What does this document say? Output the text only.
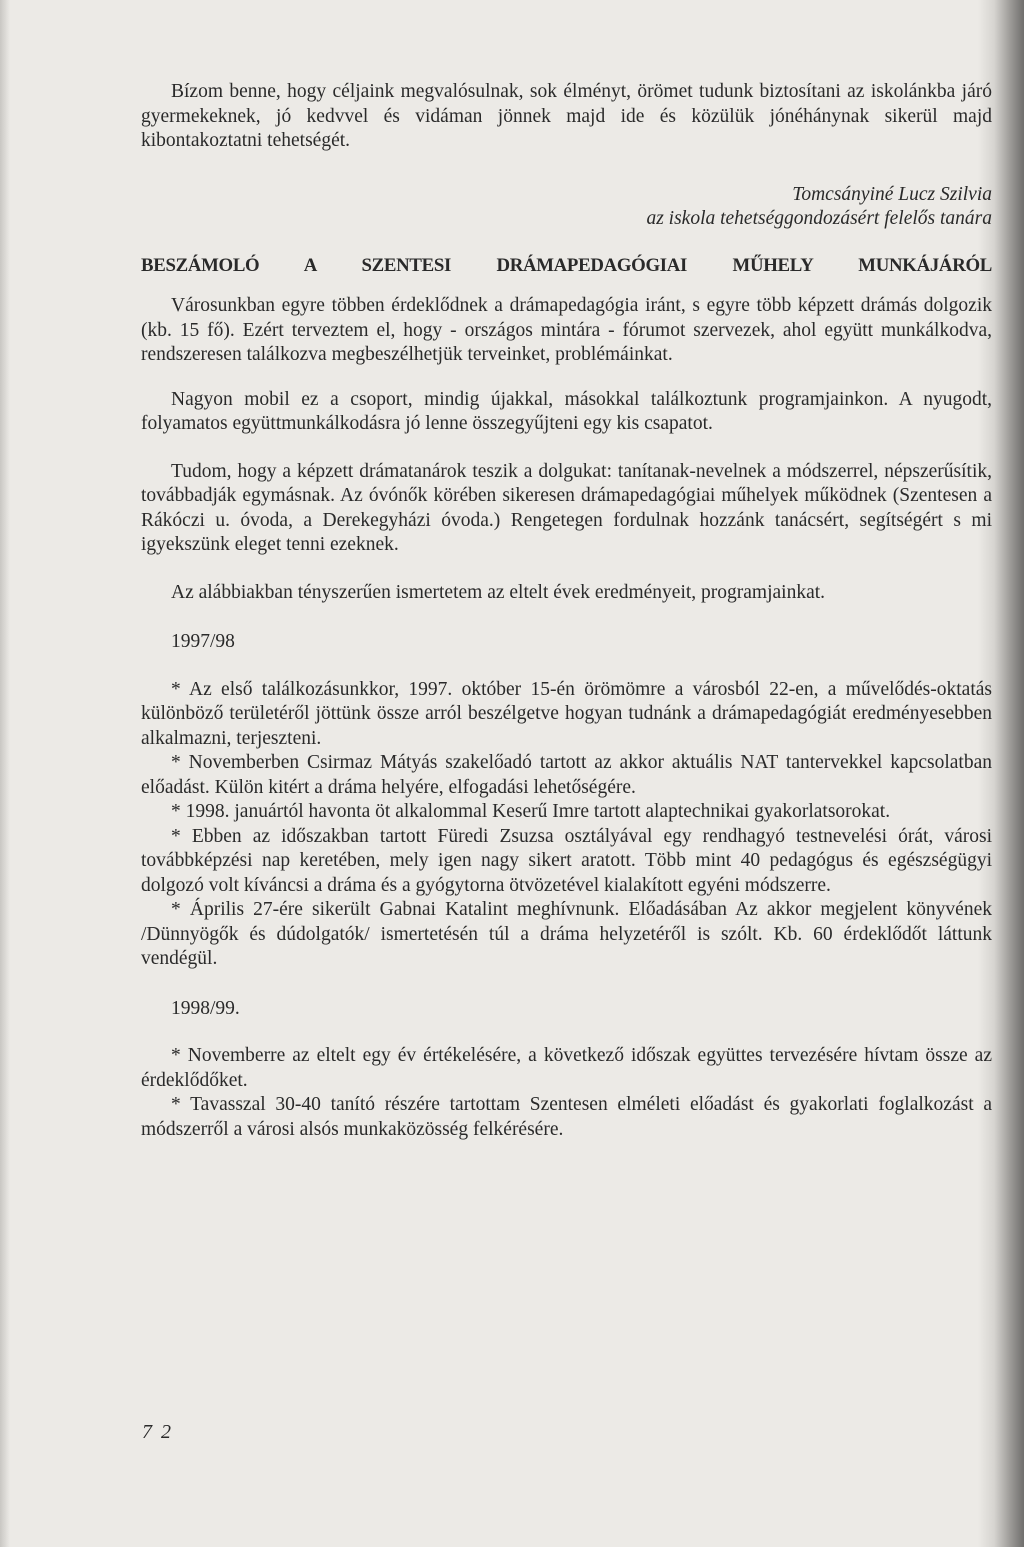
Bízom benne, hogy céljaink megvalósulnak, sok élményt, örömet tudunk biztosítani az iskolánkba járó gyermekeknek, jó kedvvel és vidáman jönnek majd ide és közülük jónéhánynak sikerül majd kibontakoztatni tehetségét.

Tomcsányiné Lucz Szilvia
az iskola tehetséggondozásért felelős tanára
BESZÁMOLÓ A SZENTESI DRÁMAPEDAGÓGIAI MŰHELY MUNKÁJÁRÓL

Városunkban egyre többen érdeklődnek a drámapedagógia iránt, s egyre több képzett drámás dolgozik (kb. 15 fő). Ezért terveztem el, hogy - országos mintára - fórumot szervezek, ahol együtt munkálkodva, rendszeresen találkozva megbeszélhetjük terveinket, problémáinkat.

Nagyon mobil ez a csoport, mindig újakkal, másokkal találkoztunk programjainkon. A nyugodt, folyamatos együttmunkálkodásra jó lenne összegyűjteni egy kis csapatot.

Tudom, hogy a képzett drámatanárok teszik a dolgukat: tanítanak-nevelnek a módszerrel, népszerűsítik, továbbadják egymásnak. Az óvónők körében sikeresen drámapedagógiai műhelyek működnek (Szentesen a Rákóczi u. óvoda, a Derekegyházi óvoda.) Rengetegen fordulnak hozzánk tanácsért, segítségért s mi igyekszünk eleget tenni ezeknek.

Az alábbiakban tényszerűen ismertetem az eltelt évek eredményeit, programjainkat.

1997/98

* Az első találkozásunkkor, 1997. október 15-én örömömre a városból 22-en, a művelődés-oktatás különböző területéről jöttünk össze arról beszélgetve hogyan tudnánk a drámapedagógiát eredményesebben alkalmazni, terjeszteni.

* Novemberben Csirmaz Mátyás szakelőadó tartott az akkor aktuális NAT tantervekkel kapcsolatban előadást. Külön kitért a dráma helyére, elfogadási lehetőségére.

* 1998. januártól havonta öt alkalommal Keserű Imre tartott alaptechnikai gyakorlatsorokat.

* Ebben az időszakban tartott Füredi Zsuzsa osztályával egy rendhagyó testnevelési órát, városi továbbképzési nap keretében, mely igen nagy sikert aratott. Több mint 40 pedagógus és egészségügyi dolgozó volt kíváncsi a dráma és a gyógytorna ötvözetével kialakított egyéni módszerre.

* Április 27-ére sikerült Gabnai Katalint meghívnunk. Előadásában Az akkor megjelent könyvének /Dünnyögők és dúdolgatók/ ismertetésén túl a dráma helyzetéről is szólt. Kb. 60 érdeklődőt láttunk vendégül.

1998/99.

* Novemberre az eltelt egy év értékelésére, a következő időszak együttes tervezésére hívtam össze az érdeklődőket.

* Tavasszal 30-40 tanító részére tartottam Szentesen elméleti előadást és gyakorlati foglalkozást a módszerről a városi alsós munkaközösség felkérésére.

7 2
